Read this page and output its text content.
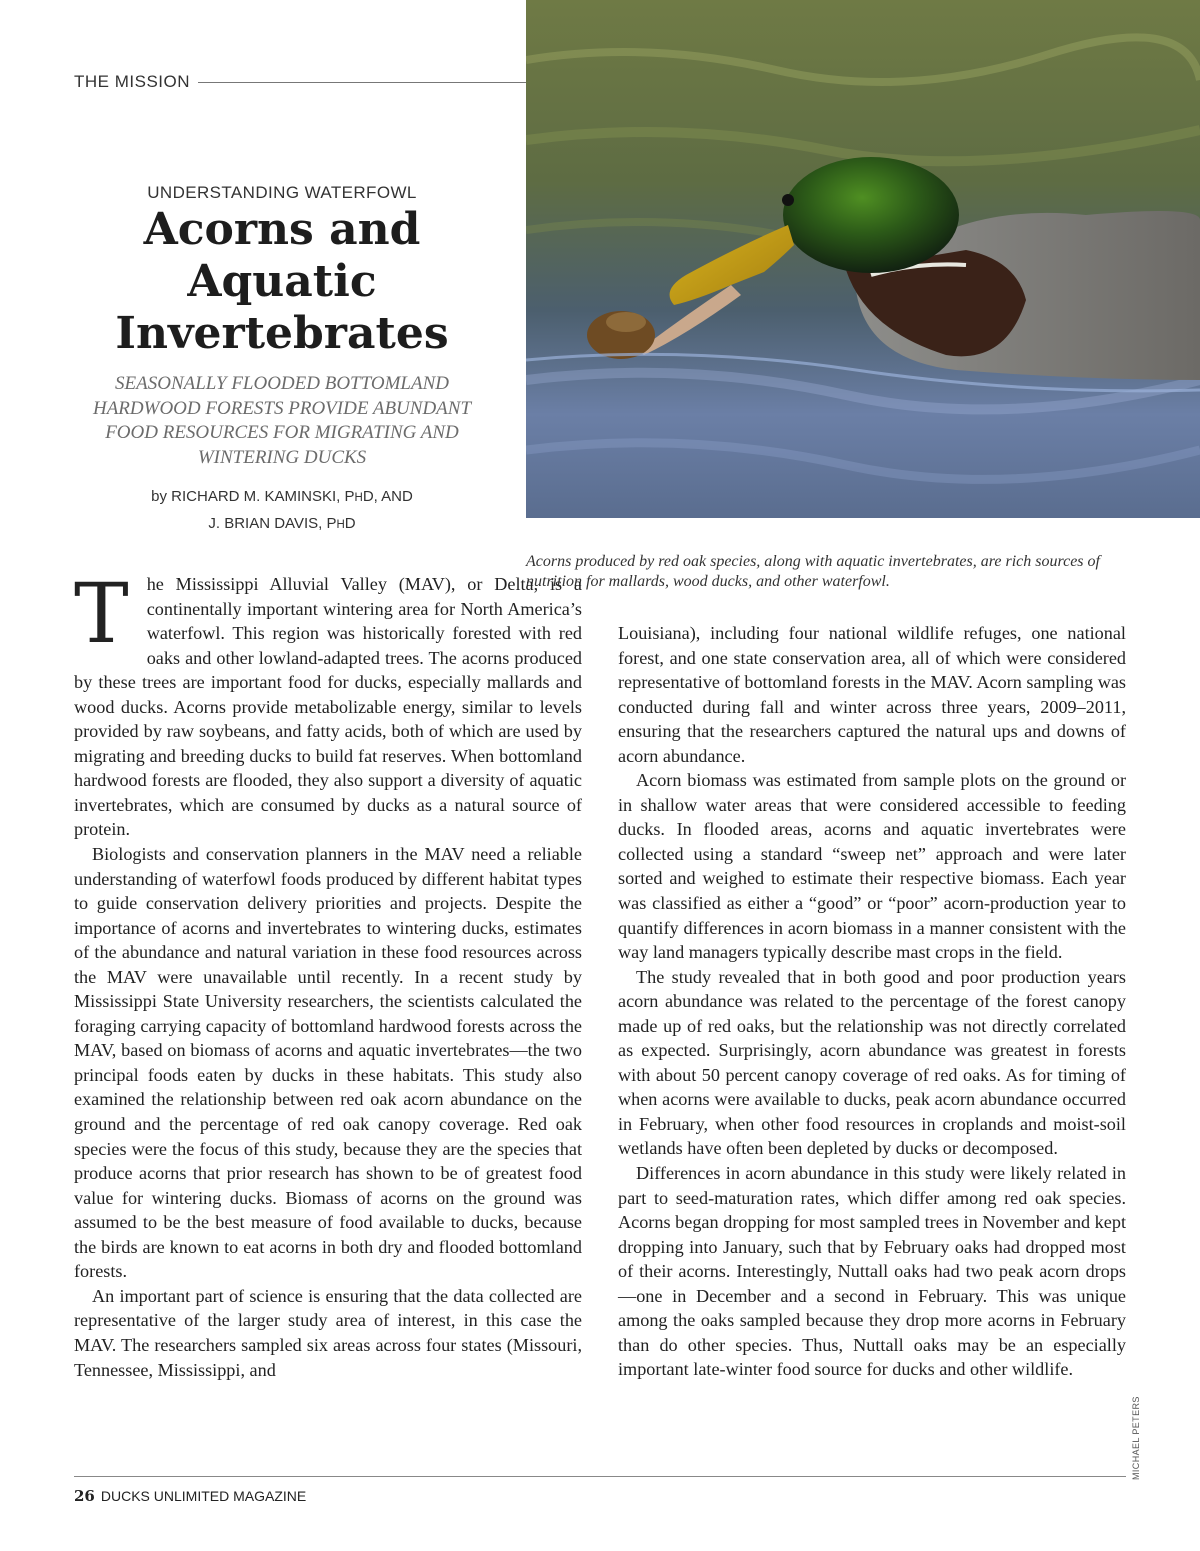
THE MISSION
UNDERSTANDING WATERFOWL
Acorns and Aquatic Invertebrates
SEASONALLY FLOODED BOTTOMLAND HARDWOOD FORESTS PROVIDE ABUNDANT FOOD RESOURCES FOR MIGRATING AND WINTERING DUCKS
by RICHARD M. KAMINSKI, PHD, AND
J. BRIAN DAVIS, PHD
Acorns produced by red oak species, along with aquatic invertebrates, are rich sources of nutrition for mallards, wood ducks, and other waterfowl.

The Mississippi Alluvial Valley (MAV), or Delta, is a continentally important wintering area for North America’s waterfowl. This region was historically forested with red oaks and other lowland-adapted trees. The acorns produced by these trees are important food for ducks, especially mallards and wood ducks. Acorns provide metabolizable energy, similar to levels provided by raw soybeans, and fatty acids, both of which are used by migrating and breeding ducks to build fat reserves. When bottomland hardwood forests are flooded, they also support a diversity of aquatic invertebrates, which are consumed by ducks as a natural source of protein.

Biologists and conservation planners in the MAV need a reliable understanding of waterfowl foods produced by different habitat types to guide conservation delivery priorities and projects. Despite the importance of acorns and invertebrates to wintering ducks, estimates of the abundance and natural variation in these food resources across the MAV were unavailable until recently. In a recent study by Mississippi State University researchers, the scientists calculated the foraging carrying capacity of bottomland hardwood forests across the MAV, based on biomass of acorns and aquatic invertebrates—the two principal foods eaten by ducks in these habitats. This study also examined the relationship between red oak acorn abundance on the ground and the percentage of red oak canopy coverage. Red oak species were the focus of this study, because they are the species that produce acorns that prior research has shown to be of greatest food value for wintering ducks. Biomass of acorns on the ground was assumed to be the best measure of food available to ducks, because the birds are known to eat acorns in both dry and flooded bottomland forests.

An important part of science is ensuring that the data collected are representative of the larger study area of interest, in this case the MAV. The researchers sampled six areas across four states (Missouri, Tennessee, Mississippi, and

Louisiana), including four national wildlife refuges, one national forest, and one state conservation area, all of which were considered representative of bottomland forests in the MAV. Acorn sampling was conducted during fall and winter across three years, 2009–2011, ensuring that the researchers captured the natural ups and downs of acorn abundance.

Acorn biomass was estimated from sample plots on the ground or in shallow water areas that were considered accessible to feeding ducks. In flooded areas, acorns and aquatic invertebrates were collected using a standard “sweep net” approach and were later sorted and weighed to estimate their respective biomass. Each year was classified as either a “good” or “poor” acorn-production year to quantify differences in acorn biomass in a manner consistent with the way land managers typically describe mast crops in the field.

The study revealed that in both good and poor production years acorn abundance was related to the percentage of the forest canopy made up of red oaks, but the relationship was not directly correlated as expected. Surprisingly, acorn abundance was greatest in forests with about 50 percent canopy coverage of red oaks. As for timing of when acorns were available to ducks, peak acorn abundance occurred in February, when other food resources in croplands and moist-soil wetlands have often been depleted by ducks or decomposed.

Differences in acorn abundance in this study were likely related in part to seed-maturation rates, which differ among red oak species. Acorns began dropping for most sampled trees in November and kept dropping into January, such that by February oaks had dropped most of their acorns. Interestingly, Nuttall oaks had two peak acorn drops—one in December and a second in February. This was unique among the oaks sampled because they drop more acorns in February than do other species. Thus, Nuttall oaks may be an especially important late-winter food source for ducks and other wildlife.

MICHAEL PETERS
26 DUCKS UNLIMITED MAGAZINE
